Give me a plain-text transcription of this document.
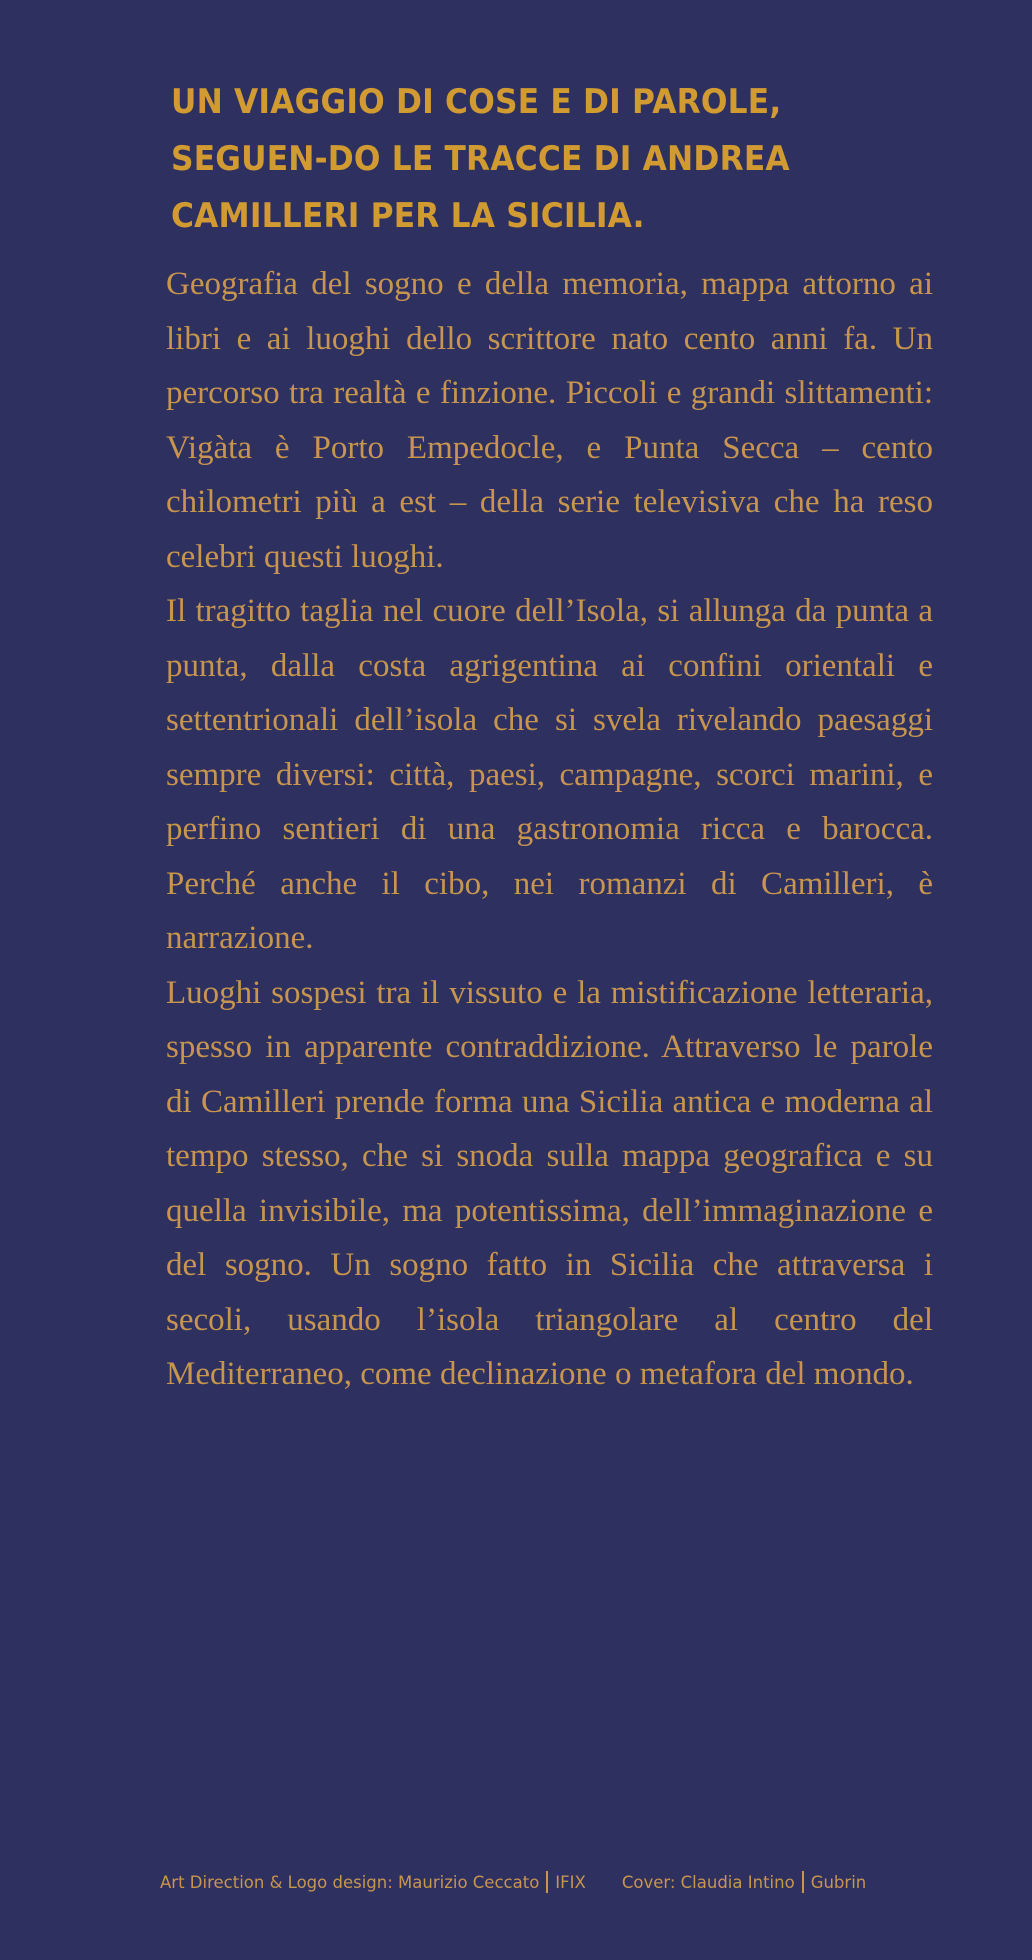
UN VIAGGIO DI COSE E DI PAROLE, SEGUEN-DO LE TRACCE DI ANDREA CAMILLERI PER LA SICILIA.

Geografia del sogno e della memoria, mappa attorno ai libri e ai luoghi dello scrittore nato cento anni fa. Un percorso tra realtà e finzione. Piccoli e grandi slittamenti: Vigàta è Porto Empedocle, e Punta Secca – cento chilometri più a est – della serie televisiva che ha reso celebri questi luoghi.

Il tragitto taglia nel cuore dell’Isola, si allunga da punta a punta, dalla costa agrigentina ai confini orientali e settentrionali dell’isola che si svela rivelando paesaggi sempre diversi: città, paesi, campagne, scorci marini, e perfino sentieri di una gastronomia ricca e barocca. Perché anche il cibo, nei romanzi di Camilleri, è narrazione.

Luoghi sospesi tra il vissuto e la mistificazione letteraria, spesso in apparente contraddizione. Attraverso le parole di Camilleri prende forma una Sicilia antica e moderna al tempo stesso, che si snoda sulla mappa geografica e su quella invisibile, ma potentissima, dell’immaginazione e del sogno. Un sogno fatto in Sicilia che attraversa i secoli, usando l’isola triangolare al centro del Mediterraneo, come declinazione o metafora del mondo.

Art Direction & Logo design: Maurizio Ceccato IFIX Cover: Claudia Intino Gubrin
